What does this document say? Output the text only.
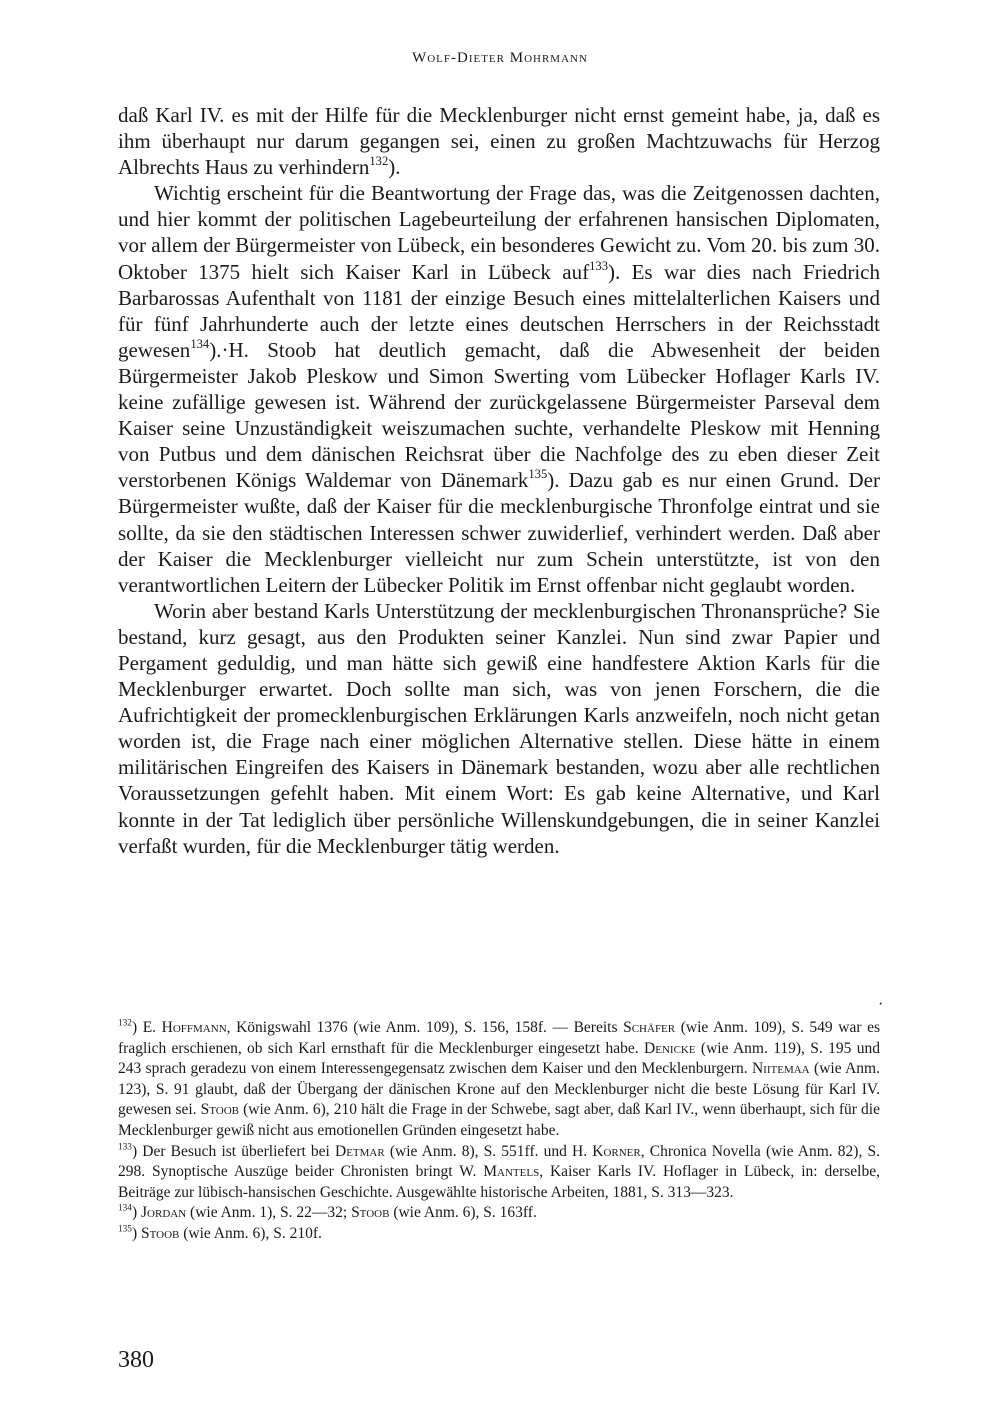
Wolf-Dieter Mohrmann

daß Karl IV. es mit der Hilfe für die Mecklenburger nicht ernst gemeint habe, ja, daß es ihm überhaupt nur darum gegangen sei, einen zu großen Machtzuwachs für Herzog Albrechts Haus zu verhindern$^{132}$).

Wichtig erscheint für die Beantwortung der Frage das, was die Zeitgenossen dachten, und hier kommt der politischen Lagebeurteilung der erfahrenen hansischen Diplomaten, vor allem der Bürgermeister von Lübeck, ein besonderes Gewicht zu. Vom 20. bis zum 30. Oktober 1375 hielt sich Kaiser Karl in Lübeck auf$^{133}$). Es war dies nach Friedrich Barbarossas Aufenthalt von 1181 der einzige Besuch eines mittelalterlichen Kaisers und für fünf Jahrhunderte auch der letzte eines deutschen Herrschers in der Reichsstadt gewesen$^{134}$).·H. Stoob hat deutlich gemacht, daß die Abwesenheit der beiden Bürgermeister Jakob Pleskow und Simon Swerting vom Lübecker Hoflager Karls IV. keine zufällige gewesen ist. Während der zurückgelassene Bürgermeister Parseval dem Kaiser seine Unzuständigkeit weiszumachen suchte, verhandelte Pleskow mit Henning von Putbus und dem dänischen Reichsrat über die Nachfolge des zu eben dieser Zeit verstorbenen Königs Waldemar von Dänemark$^{135}$). Dazu gab es nur einen Grund. Der Bürgermeister wußte, daß der Kaiser für die mecklenburgische Thronfolge eintrat und sie sollte, da sie den städtischen Interessen schwer zuwiderlief, verhindert werden. Daß aber der Kaiser die Mecklenburger vielleicht nur zum Schein unterstützte, ist von den verantwortlichen Leitern der Lübecker Politik im Ernst offenbar nicht geglaubt worden.

Worin aber bestand Karls Unterstützung der mecklenburgischen Thronansprüche? Sie bestand, kurz gesagt, aus den Produkten seiner Kanzlei. Nun sind zwar Papier und Pergament geduldig, und man hätte sich gewiß eine handfestere Aktion Karls für die Mecklenburger erwartet. Doch sollte man sich, was von jenen Forschern, die die Aufrichtigkeit der promecklenburgischen Erklärungen Karls anzweifeln, noch nicht getan worden ist, die Frage nach einer möglichen Alternative stellen. Diese hätte in einem militärischen Eingreifen des Kaisers in Dänemark bestanden, wozu aber alle rechtlichen Voraussetzungen gefehlt haben. Mit einem Wort: Es gab keine Alternative, und Karl konnte in der Tat lediglich über persönliche Willenskundgebungen, die in seiner Kanzlei verfaßt wurden, für die Mecklenburger tätig werden.

·

$^{132}$) E. Hoffmann, Königswahl 1376 (wie Anm. 109), S. 156, 158f. — Bereits Schäfer (wie Anm. 109), S. 549 war es fraglich erschienen, ob sich Karl ernsthaft für die Mecklenburger eingesetzt habe. Denicke (wie Anm. 119), S. 195 und 243 sprach geradezu von einem Interessengegensatz zwischen dem Kaiser und den Mecklenburgern. Niitemaa (wie Anm. 123), S. 91 glaubt, daß der Übergang der dänischen Krone auf den Mecklenburger nicht die beste Lösung für Karl IV. gewesen sei. Stoob (wie Anm. 6), 210 hält die Frage in der Schwebe, sagt aber, daß Karl IV., wenn überhaupt, sich für die Mecklenburger gewiß nicht aus emotionellen Gründen eingesetzt habe.

$^{133}$) Der Besuch ist überliefert bei Detmar (wie Anm. 8), S. 551ff. und H. Korner, Chronica Novella (wie Anm. 82), S. 298. Synoptische Auszüge beider Chronisten bringt W. Mantels, Kaiser Karls IV. Hoflager in Lübeck, in: derselbe, Beiträge zur lübisch-hansischen Geschichte. Ausgewählte historische Arbeiten, 1881, S. 313—323.

$^{134}$) Jordan (wie Anm. 1), S. 22—32; Stoob (wie Anm. 6), S. 163ff.

$^{135}$) Stoob (wie Anm. 6), S. 210f.

380
